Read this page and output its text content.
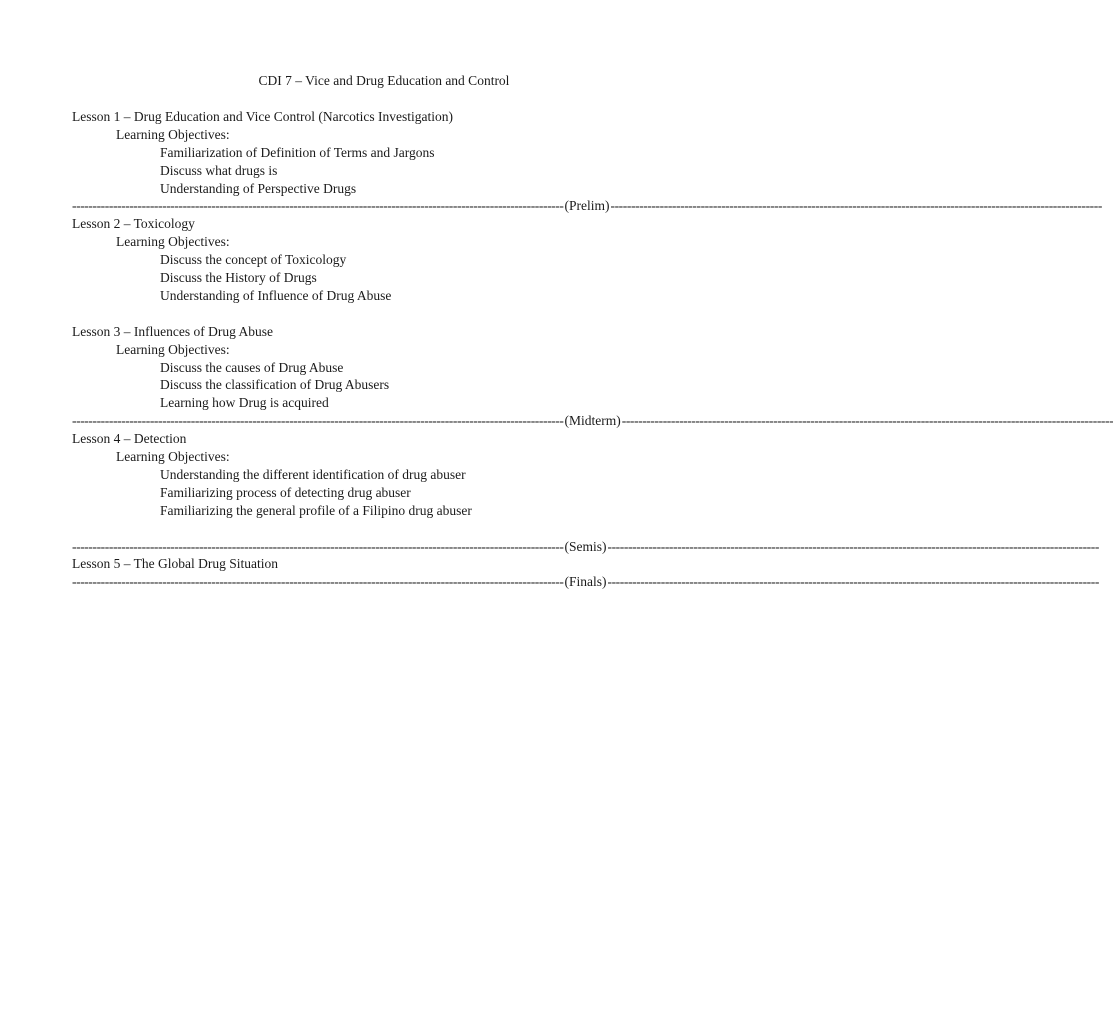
CDI 7 – Vice and Drug Education and Control
Lesson 1 – Drug Education and Vice Control (Narcotics Investigation)
Learning Objectives:
Familiarization of Definition of Terms and Jargons
Discuss what drugs is
Understanding of Perspective Drugs
------------------------------------------------------------------------------------------------------------------------ (Prelim) ------------------------------------------------------------------------------------------------------------------------
Lesson 2 – Toxicology
Learning Objectives:
Discuss the concept of Toxicology
Discuss the History of Drugs
Understanding of Influence of Drug Abuse
Lesson 3 – Influences of Drug Abuse
Learning Objectives:
Discuss the causes of Drug Abuse
Discuss the classification of Drug Abusers
Learning how Drug is acquired
------------------------------------------------------------------------------------------------------------------------ (Midterm) ------------------------------------------------------------------------------------------------------------------------
Lesson 4 – Detection
Learning Objectives:
Understanding the different identification of drug abuser
Familiarizing process of detecting drug abuser
Familiarizing the general profile of a Filipino drug abuser
------------------------------------------------------------------------------------------------------------------------ (Semis) ------------------------------------------------------------------------------------------------------------------------
Lesson 5 – The Global Drug Situation
------------------------------------------------------------------------------------------------------------------------ (Finals) ------------------------------------------------------------------------------------------------------------------------
